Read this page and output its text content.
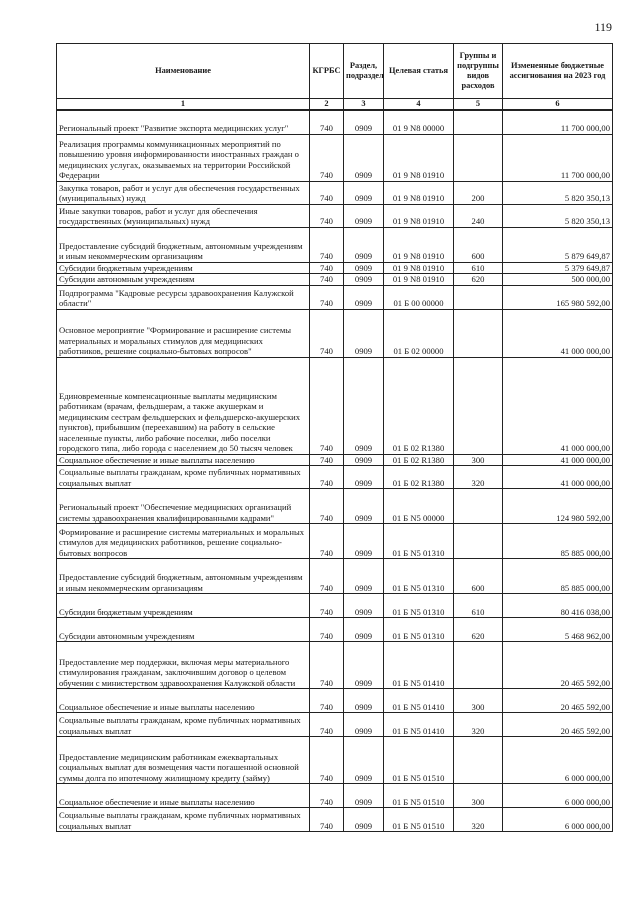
119
Наименование	КГРБС	Раздел, подраздел	Целевая статья	Группы и подгруппы видов расходов	Измененные бюджетные ассигнования на 2023 год
1	2	3	4	5	6
Региональный проект "Развитие экспорта медицинских услуг"	740	0909	01 9 N8 00000		11 700 000,00
Реализация программы коммуникационных мероприятий по повышению уровня информированности иностранных граждан о медицинских услугах, оказываемых на территории Российской Федерации	740	0909	01 9 N8 01910		11 700 000,00
Закупка товаров, работ и услуг для обеспечения государственных (муниципальных) нужд	740	0909	01 9 N8 01910	200	5 820 350,13
Иные закупки товаров, работ и услуг для обеспечения государственных (муниципальных) нужд	740	0909	01 9 N8 01910	240	5 820 350,13
Предоставление субсидий бюджетным, автономным учреждениям и иным некоммерческим организациям	740	0909	01 9 N8 01910	600	5 879 649,87
Субсидии бюджетным учреждениям	740	0909	01 9 N8 01910	610	5 379 649,87
Субсидии автономным учреждениям	740	0909	01 9 N8 01910	620	500 000,00
Подпрограмма "Кадровые ресурсы здравоохранения Калужской области"	740	0909	01 Б 00 00000		165 980 592,00
Основное мероприятие "Формирование и расширение системы материальных и моральных стимулов для медицинских работников, решение социально-бытовых вопросов"	740	0909	01 Б 02 00000		41 000 000,00
Единовременные компенсационные выплаты медицинским работникам (врачам, фельдшерам, а также акушеркам и медицинским сестрам фельдшерских и фельдшерско-акушерских пунктов), прибывшим (переехавшим) на работу в сельские населенные пункты, либо рабочие поселки, либо поселки городского типа, либо города с населением до 50 тысяч человек	740	0909	01 Б 02 R1380		41 000 000,00
Социальное обеспечение и иные выплаты населению	740	0909	01 Б 02 R1380	300	41 000 000,00
Социальные выплаты гражданам, кроме публичных нормативных социальных выплат	740	0909	01 Б 02 R1380	320	41 000 000,00
Региональный проект "Обеспечение медицинских организаций системы здравоохранения квалифицированными кадрами"	740	0909	01 Б N5 00000		124 980 592,00
Формирование и расширение системы материальных и моральных стимулов для медицинских работников, решение социально-бытовых вопросов	740	0909	01 Б N5 01310		85 885 000,00
Предоставление субсидий бюджетным, автономным учреждениям и иным некоммерческим организациям	740	0909	01 Б N5 01310	600	85 885 000,00
Субсидии бюджетным учреждениям	740	0909	01 Б N5 01310	610	80 416 038,00
Субсидии автономным учреждениям	740	0909	01 Б N5 01310	620	5 468 962,00
Предоставление мер поддержки, включая меры материального стимулирования гражданам, заключившим договор о целевом обучении с министерством здравоохранения Калужской области	740	0909	01 Б N5 01410		20 465 592,00
Социальное обеспечение и иные выплаты населению	740	0909	01 Б N5 01410	300	20 465 592,00
Социальные выплаты гражданам, кроме публичных нормативных социальных выплат	740	0909	01 Б N5 01410	320	20 465 592,00
Предоставление медицинским работникам ежеквартальных социальных выплат для возмещения части погашенной основной суммы долга по ипотечному жилищному кредиту (займу)	740	0909	01 Б N5 01510		6 000 000,00
Социальное обеспечение и иные выплаты населению	740	0909	01 Б N5 01510	300	6 000 000,00
Социальные выплаты гражданам, кроме публичных нормативных социальных выплат	740	0909	01 Б N5 01510	320	6 000 000,00
